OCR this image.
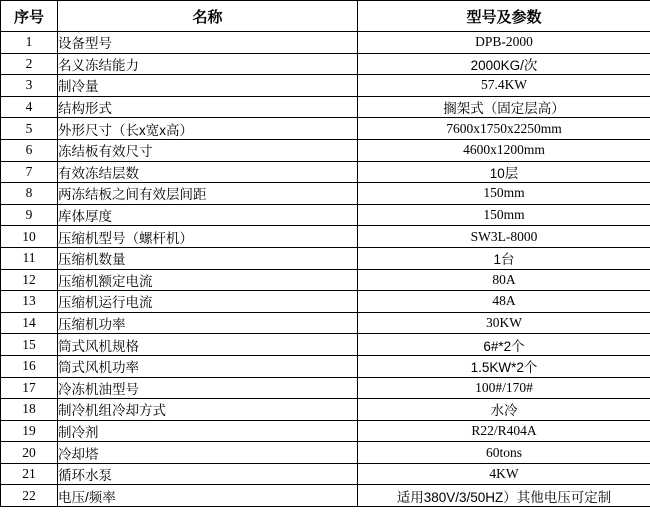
序号	名称	型号及参数
1	设备型号	DPB-2000
2	名义冻结能力	2000KG/次
3	制冷量	57.4KW
4	结构形式	搁架式（固定层高）
5	外形尺寸（长x宽x高）	7600x1750x2250mm
6	冻结板有效尺寸	4600x1200mm
7	有效冻结层数	10层
8	两冻结板之间有效层间距	150mm
9	库体厚度	150mm
10	压缩机型号（螺杆机）	SW3L-8000
11	压缩机数量	1台
12	压缩机额定电流	80A
13	压缩机运行电流	48A
14	压缩机功率	30KW
15	筒式风机规格	6#*2个
16	筒式风机功率	1.5KW*2个
17	冷冻机油型号	100#/170#
18	制冷机组冷却方式	水冷
19	制冷剂	R22/R404A
20	冷却塔	60tons
21	循环水泵	4KW
22	电压/频率	适用380V/3/50HZ）其他电压可定制
